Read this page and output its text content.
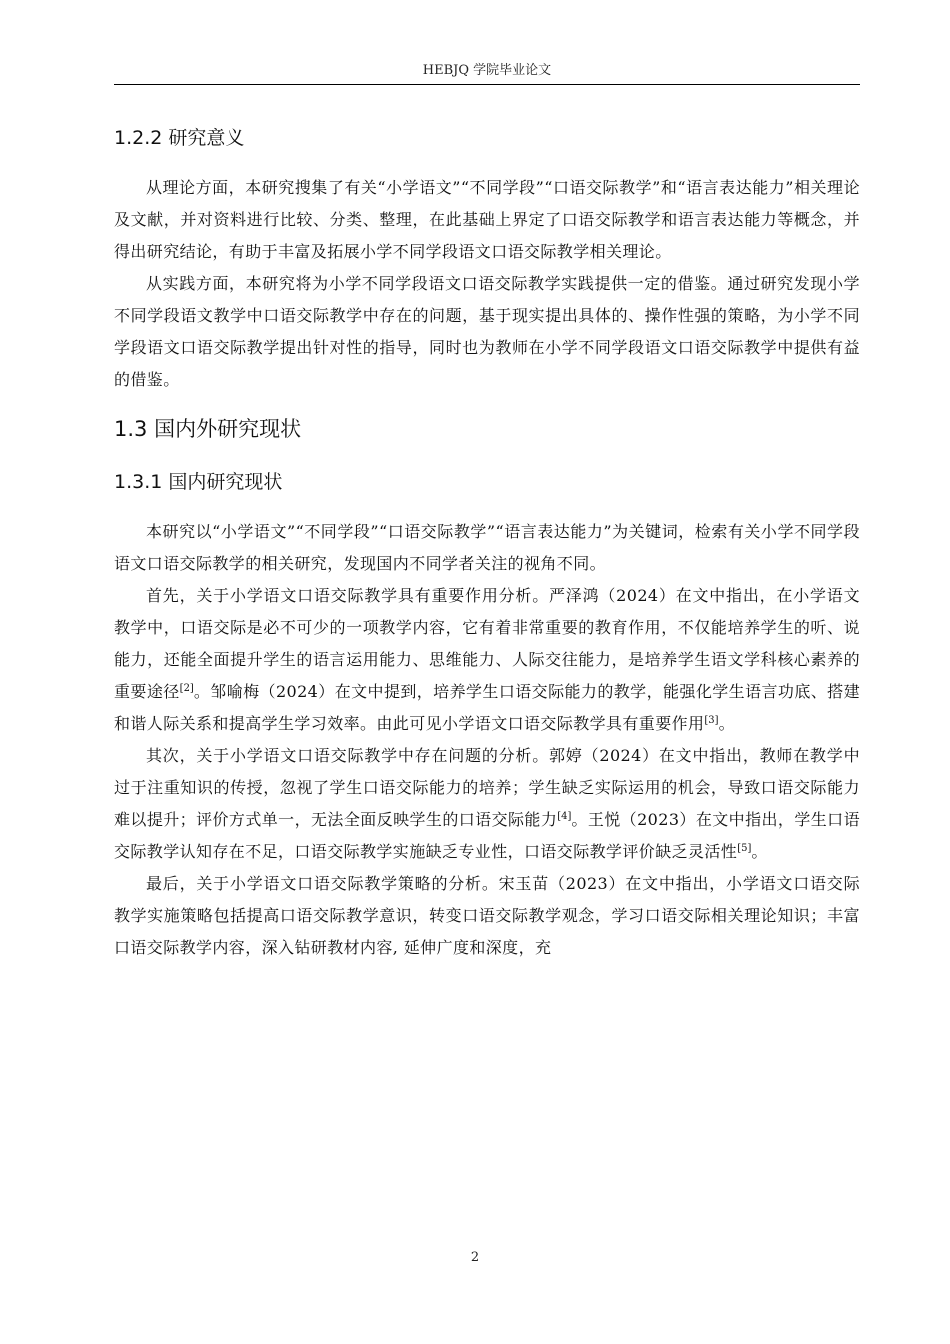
HEBJQ 学院毕业论文
1.2.2 研究意义

从理论方面，本研究搜集了有关“小学语文”“不同学段”“口语交际教学”和“语言表达能力”相关理论及文献，并对资料进行比较、分类、整理，在此基础上界定了口语交际教学和语言表达能力等概念，并得出研究结论，有助于丰富及拓展小学不同学段语文口语交际教学相关理论。

从实践方面，本研究将为小学不同学段语文口语交际教学实践提供一定的借鉴。通过研究发现小学不同学段语文教学中口语交际教学中存在的问题，基于现实提出具体的、操作性强的策略，为小学不同学段语文口语交际教学提出针对性的指导，同时也为教师在小学不同学段语文口语交际教学中提供有益的借鉴。

1.3 国内外研究现状
1.3.1 国内研究现状

本研究以“小学语文”“不同学段”“口语交际教学”“语言表达能力”为关键词，检索有关小学不同学段语文口语交际教学的相关研究，发现国内不同学者关注的视角不同。

首先，关于小学语文口语交际教学具有重要作用分析。严泽鸿（2024）在文中指出，在小学语文教学中，口语交际是必不可少的一项教学内容，它有着非常重要的教育作用，不仅能培养学生的听、说能力，还能全面提升学生的语言运用能力、思维能力、人际交往能力，是培养学生语文学科核心素养的重要途径[2]。邹喻梅（2024）在文中提到，培养学生口语交际能力的教学，能强化学生语言功底、搭建和谐人际关系和提高学生学习效率。由此可见小学语文口语交际教学具有重要作用[3]。

其次，关于小学语文口语交际教学中存在问题的分析。郭婷（2024）在文中指出，教师在教学中过于注重知识的传授，忽视了学生口语交际能力的培养；学生缺乏实际运用的机会，导致口语交际能力难以提升；评价方式单一，无法全面反映学生的口语交际能力[4]。王悦（2023）在文中指出，学生口语交际教学认知存在不足，口语交际教学实施缺乏专业性，口语交际教学评价缺乏灵活性[5]。

最后，关于小学语文口语交际教学策略的分析。宋玉苗（2023）在文中指出，小学语文口语交际教学实施策略包括提高口语交际教学意识，转变口语交际教学观念，学习口语交际相关理论知识；丰富口语交际教学内容，深入钻研教材内容, 延伸广度和深度，充

2
